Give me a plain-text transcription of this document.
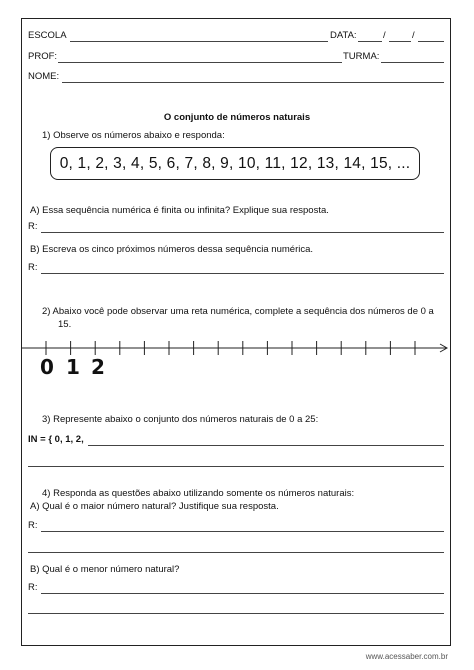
ESCOLA	DATA:	/	/
PROF:	TURMA:
NOME:
O conjunto de números naturais
1) Observe os números abaixo e responda:
0, 1, 2, 3, 4, 5, 6, 7, 8, 9, 10, 11, 12, 13, 14, 15, ...
A) Essa sequência numérica é finita ou infinita? Explique sua resposta.
R:
B) Escreva os cinco próximos números dessa sequência numérica.
R:
2) Abaixo você pode observar uma reta numérica, complete a sequência dos números de 0 a
15.
0 1 2
3) Represente abaixo o conjunto dos números naturais de 0 a 25:
IN = { 0, 1, 2,
4) Responda as questões abaixo utilizando somente os números naturais:
A) Qual é o maior número natural? Justifique sua resposta.
R:
B) Qual é o menor número natural?
R:
www.acessaber.com.br
